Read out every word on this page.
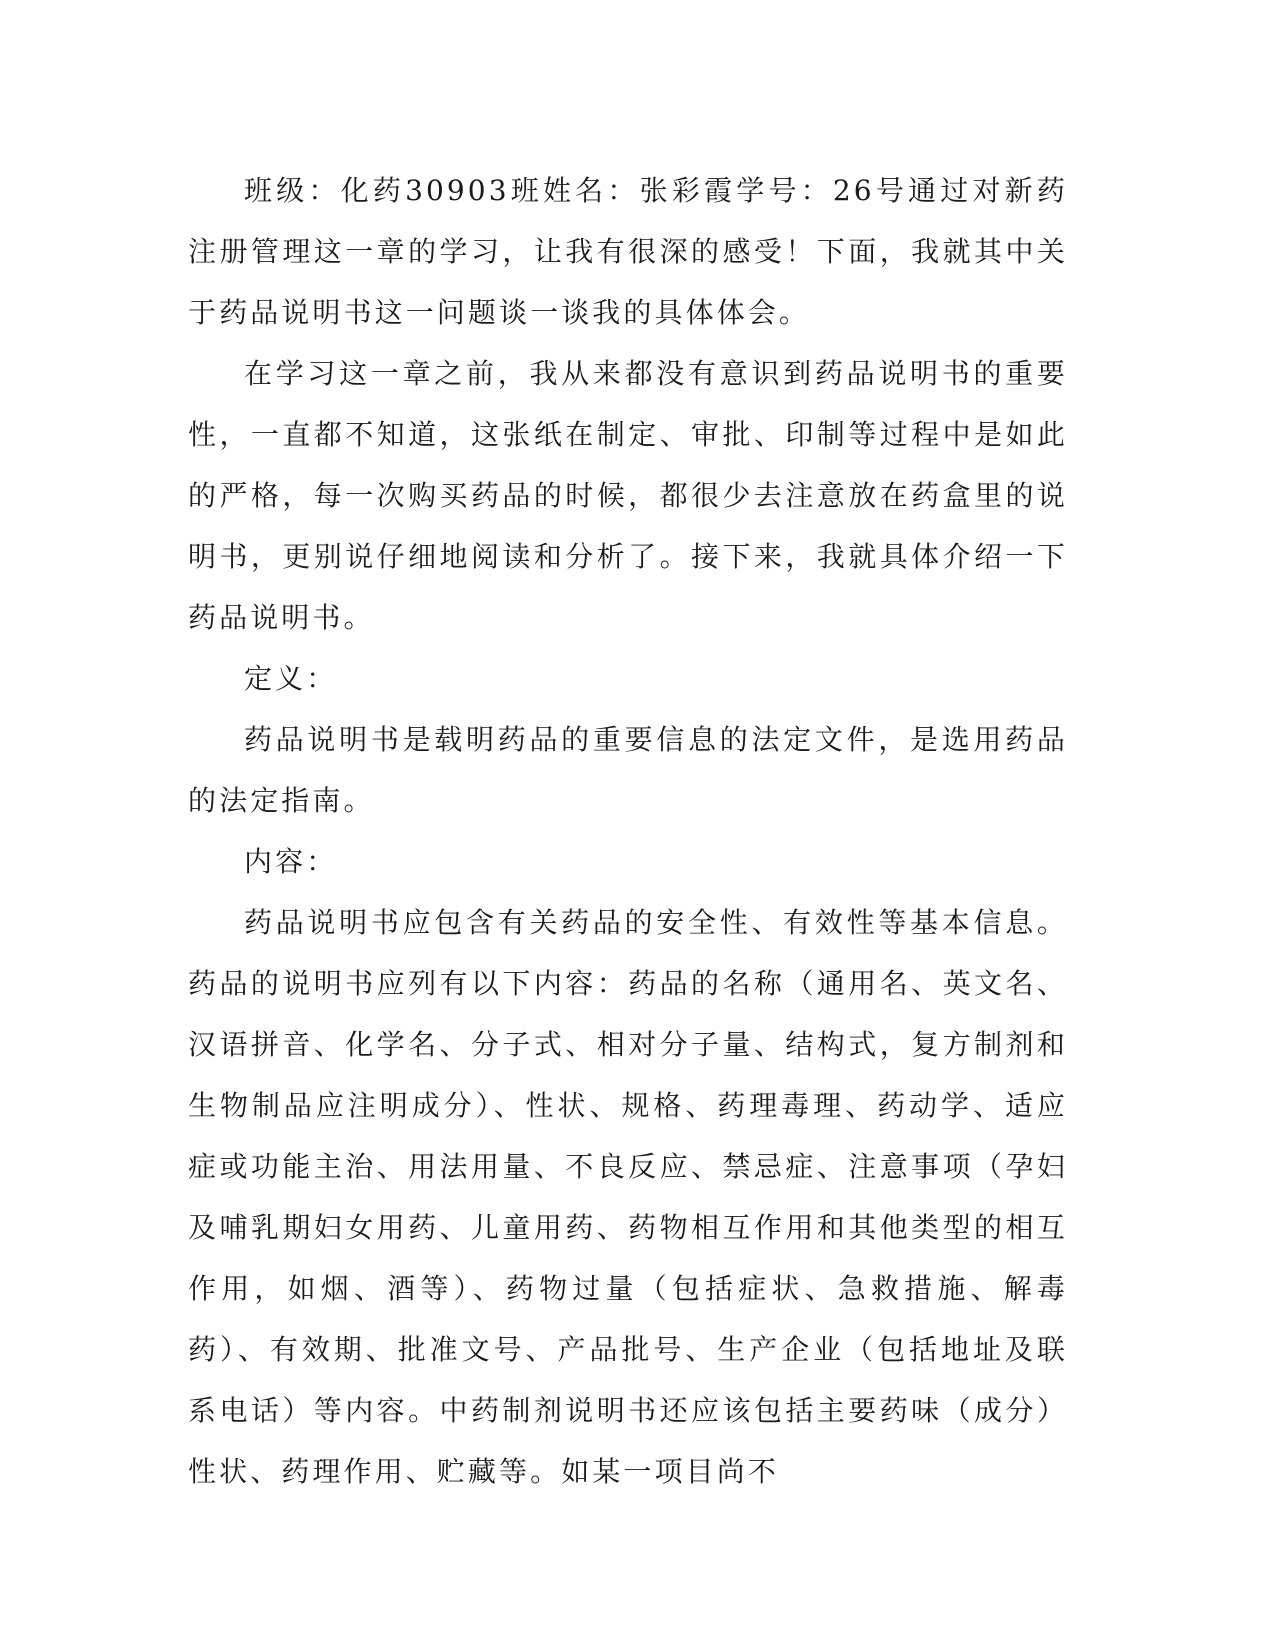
班级：化药30903班姓名：张彩霞学号：26号通过对新药注册管理这一章的学习，让我有很深的感受！下面，我就其中关于药品说明书这一问题谈一谈我的具体体会。

在学习这一章之前，我从来都没有意识到药品说明书的重要性，一直都不知道，这张纸在制定、审批、印制等过程中是如此的严格，每一次购买药品的时候，都很少去注意放在药盒里的说明书，更别说仔细地阅读和分析了。接下来，我就具体介绍一下药品说明书。

定义：

药品说明书是载明药品的重要信息的法定文件，是选用药品的法定指南。

内容：

药品说明书应包含有关药品的安全性、有效性等基本信息。药品的说明书应列有以下内容：药品的名称（通用名、英文名、汉语拼音、化学名、分子式、相对分子量、结构式，复方制剂和生物制品应注明成分）、性状、规格、药理毒理、药动学、适应症或功能主治、用法用量、不良反应、禁忌症、注意事项（孕妇及哺乳期妇女用药、儿童用药、药物相互作用和其他类型的相互作用，如烟、酒等）、药物过量（包括症状、急救措施、解毒药）、有效期、批准文号、产品批号、生产企业（包括地址及联系电话）等内容。中药制剂说明书还应该包括主要药味（成分）性状、药理作用、贮藏等。如某一项目尚不
